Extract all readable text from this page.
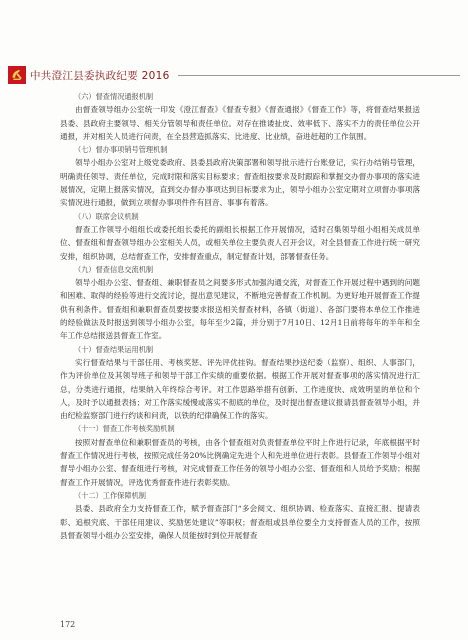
中共澄江县委执政纪要 2016

（六）督查情况通报机制

由督查领导组办公室统一印发《澄江督查》《督查专报》《督查通报》《督查工作》等，将督查结果报送县委、县政府主要领导、相关分管领导和责任单位。对存在推诿扯皮、效率低下、落实不力的责任单位公开通报，并对相关人员进行问责，在全县营造抓落实、比进度、比业绩，奋进赶超的工作氛围。

（七）督办事项销号管理机制

领导小组办公室对上级党委政府、县委县政府决策部署和领导批示进行台账登记，实行办结销号管理，明确责任领导、责任单位，完成时限和落实目标要求；督查组按要求及时跟踪和掌握交办督办事项的落实进展情况，定期上报落实情况，直到交办督办事项达到目标要求为止，领导小组办公室定期对立项督办事项落实情况进行通报，做到立项督办事项件件有回音、事事有着落。

（八）联席会议机制

督查工作领导小组组长或委托组长委托的副组长根据工作开展情况，适时召集领导组小组相关成员单位、督查组和督查领导组办公室相关人员，或相关单位主要负责人召开会议，对全县督查工作进行统一研究安排，组织协调，总结督查工作，安排督查重点，制定督查计划，部署督查任务。

（九）督查信息交流机制

领导小组办公室、督查组、兼职督查员之间要多形式加强沟通交流，对督查工作开展过程中遇到的问题和困难、取得的经验等进行交流讨论，提出意见建议，不断地完善督查工作机制。为更好地开展督查工作提供有利条件。督查组和兼职督查员要按要求报送相关督查材料，各镇（街道）、各部门要将本单位工作推进的经验做法及时报送到领导小组办公室，每年至少2篇，并分别于7月10日、12月1日前将每年的半年和全年工作总结报送县督查工作室。

（十）督查结果运用机制

实行督查结果与干部任用、考核奖惩、评先评优挂钩。督查结果抄送纪委（监察）、组织、人事部门，作为评价单位及其领导班子和领导干部工作实绩的重要依据。根据工作开展对督查事项的落实情况进行汇总，分类进行通报，结果纳入年终综合考评。对工作思路举措有创新、工作进度快、成效明显的单位和个人，及时予以通报表扬；对工作落实缓慢或落实不彻底的单位，及时提出督查建议报请县督查领导小组，并由纪检监察部门进行约谈和问责，以铁的纪律确保工作的落实。

（十一）督查工作考核奖励机制

按照对督查单位和兼职督查员的考核，由各个督查组对负责督查单位平时上作进行记录，年底根据平时督查工作情况进行考核，按照完成任务20%比例确定先进个人和先进单位进行表彰。县督查工作领导小组对督导小组办公室、督查组进行考核，对完成督查工作任务的领导小组办公室、督查组和人员给予奖励；根据督查工作开展情况，评选优秀督查件进行表彰奖励。

（十二）工作保障机制

县委、县政府全力支持督查工作，赋予督查部门“多会阅文、组织协调、检查落实、直接汇报、提请表彰、追根究底、干部任用建议、奖励惩处建议”等职权；督查组或县单位要全力支持督查人员的工作，按照县督查领导小组办公室安排，确保人员能按时到位开展督查

172
